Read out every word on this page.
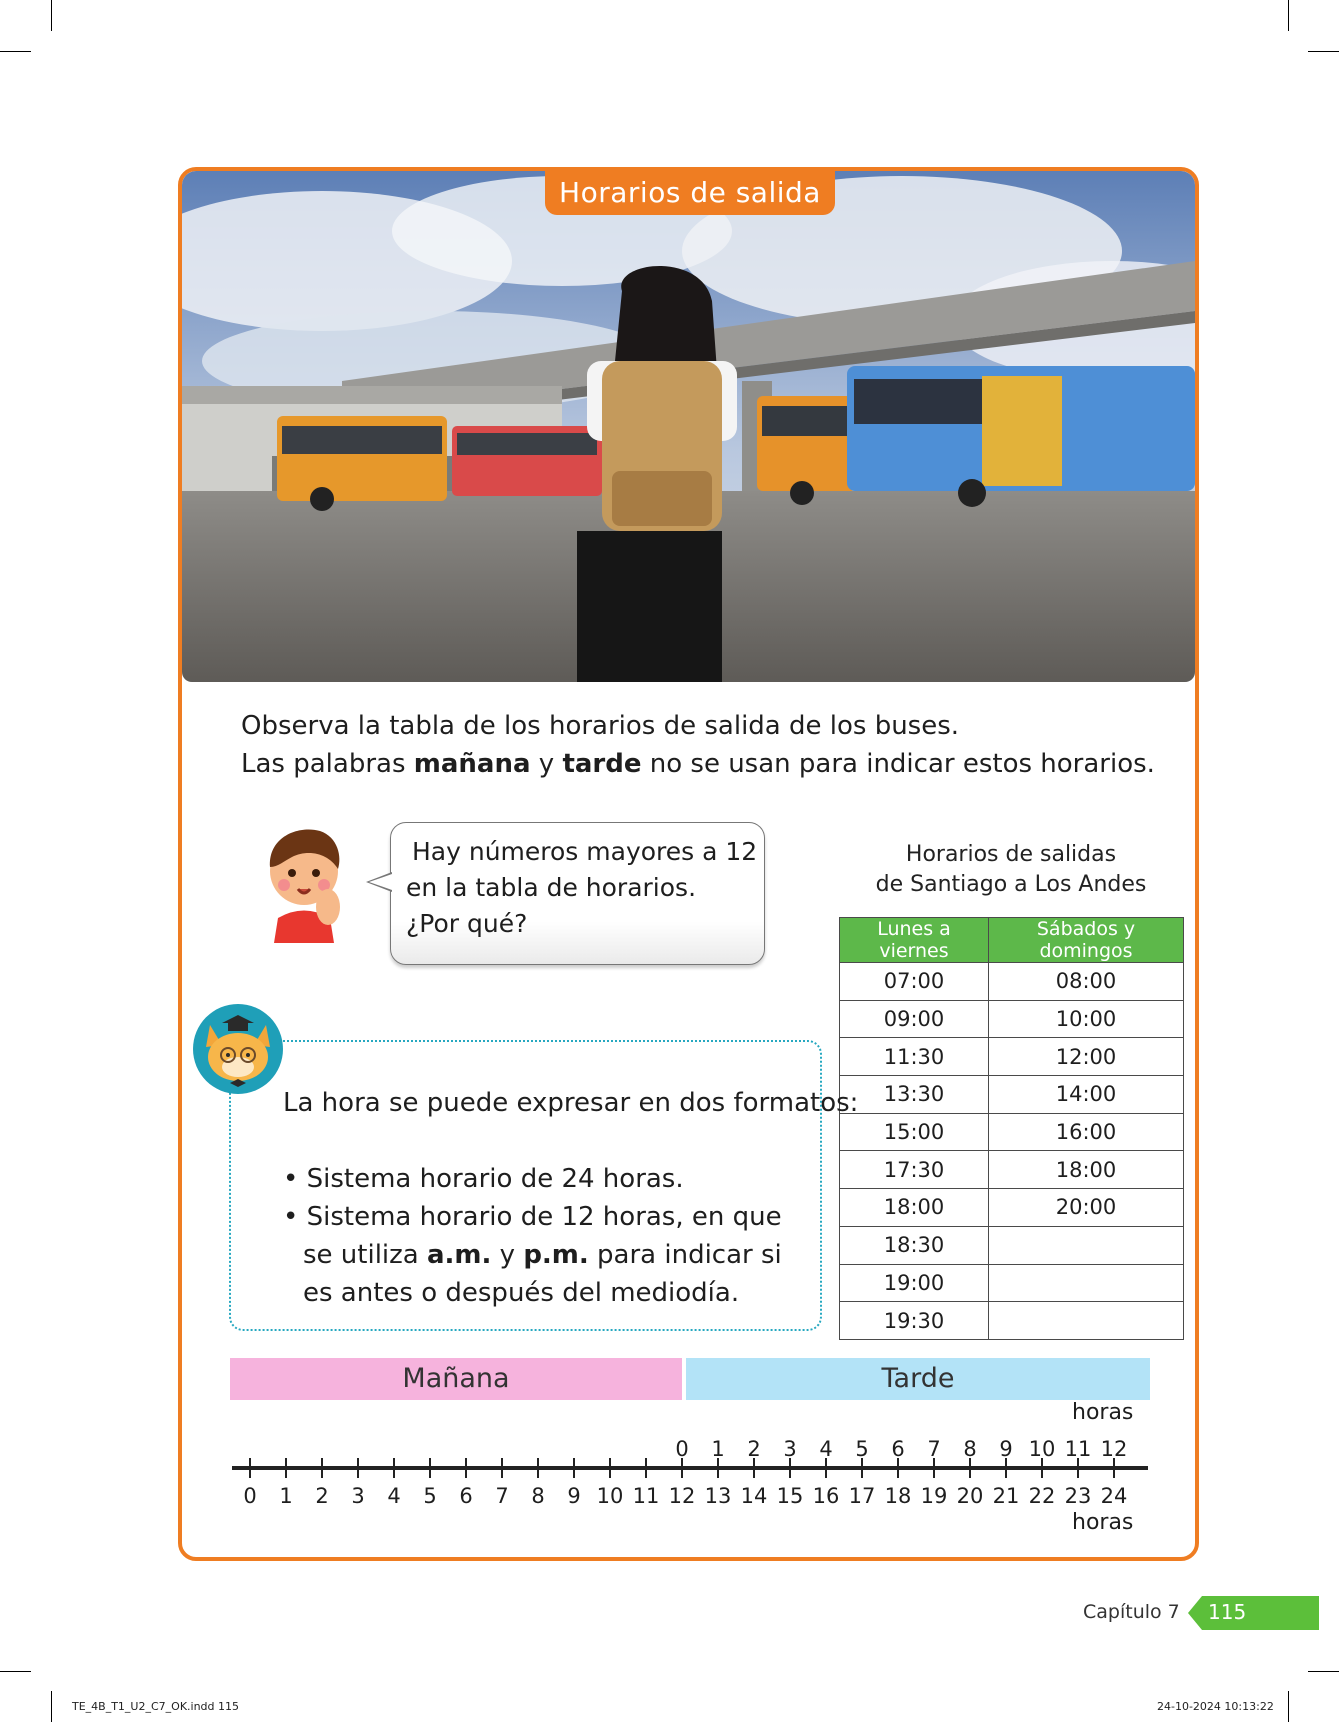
Horarios de salida
Observa la tabla de los horarios de salida de los buses.
Las palabras mañana y tarde no se usan para indicar estos horarios.
Hay números mayores a 12
en la tabla de horarios.
¿Por qué?
Horarios de salidas
de Santiago a Los Andes
Lunes a viernes	Sábados y domingos
07:00	08:00
09:00	10:00
11:30	12:00
13:30	14:00
15:00	16:00
17:30	18:00
18:00	20:00
18:30	
19:00	
19:30	
La hora se puede expresar en dos formatos:
• Sistema horario de 24 horas.
• Sistema horario de 12 horas, en que
se utiliza a.m. y p.m. para indicar si
es antes o después del mediodía.
Mañana	Tarde
horas
horas
0	1	2	3	4	5	6	7	8	9 10 11 12
0	1	2	3	4	5	6	7	8	9 10 11 12 13 14 15 16 17 18 19 20 21 22 23 24
Capítulo 7 115
TE_4B_T1_U2_C7_OK.indd 115	24-10-2024 10:13:22
